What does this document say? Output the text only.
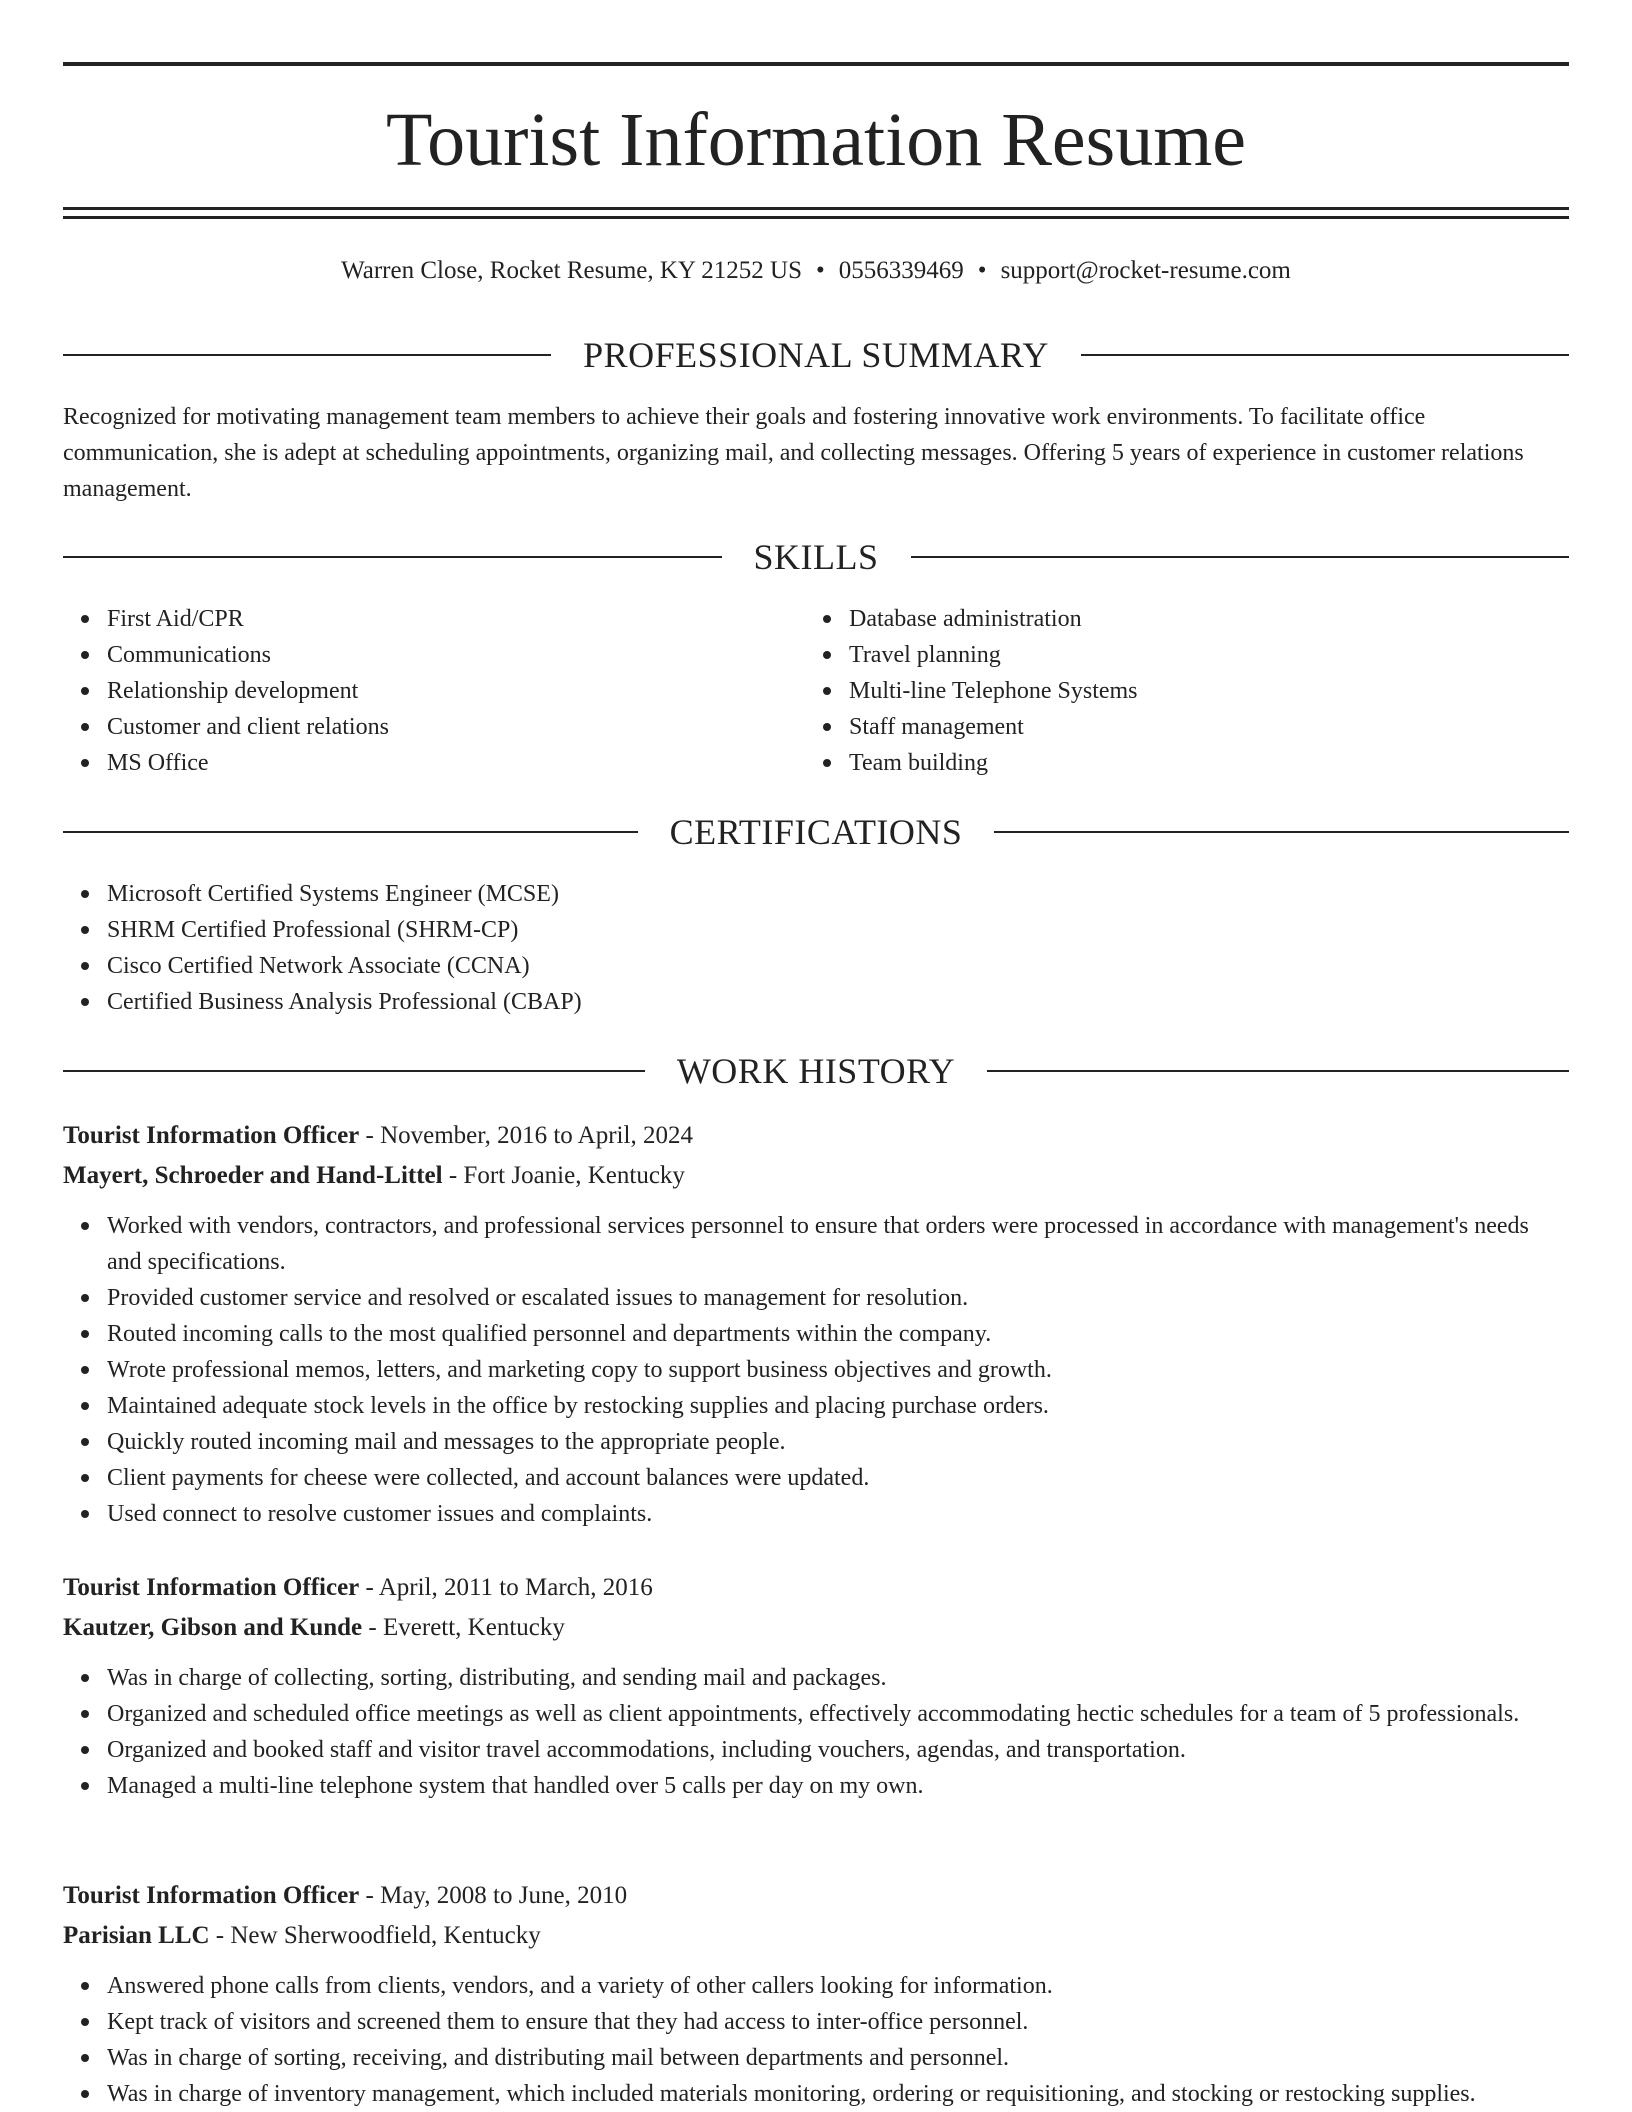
Tourist Information Resume
Warren Close, Rocket Resume, KY 21252 US • 0556339469 • support@rocket-resume.com
PROFESSIONAL SUMMARY

Recognized for motivating management team members to achieve their goals and fostering innovative work environments. To facilitate office communication, she is adept at scheduling appointments, organizing mail, and collecting messages. Offering 5 years of experience in customer relations management.

SKILLS
First Aid/CPR
Communications
Relationship development
Customer and client relations
MS Office
Database administration
Travel planning
Multi-line Telephone Systems
Staff management
Team building
CERTIFICATIONS
Microsoft Certified Systems Engineer (MCSE)
SHRM Certified Professional (SHRM-CP)
Cisco Certified Network Associate (CCNA)
Certified Business Analysis Professional (CBAP)
WORK HISTORY
Tourist Information Officer - November, 2016 to April, 2024
Mayert, Schroeder and Hand-Littel - Fort Joanie, Kentucky
Worked with vendors, contractors, and professional services personnel to ensure that orders were processed in accordance with management's needs and specifications.
Provided customer service and resolved or escalated issues to management for resolution.
Routed incoming calls to the most qualified personnel and departments within the company.
Wrote professional memos, letters, and marketing copy to support business objectives and growth.
Maintained adequate stock levels in the office by restocking supplies and placing purchase orders.
Quickly routed incoming mail and messages to the appropriate people.
Client payments for cheese were collected, and account balances were updated.
Used connect to resolve customer issues and complaints.
Tourist Information Officer - April, 2011 to March, 2016
Kautzer, Gibson and Kunde - Everett, Kentucky
Was in charge of collecting, sorting, distributing, and sending mail and packages.
Organized and scheduled office meetings as well as client appointments, effectively accommodating hectic schedules for a team of 5 professionals.
Organized and booked staff and visitor travel accommodations, including vouchers, agendas, and transportation.
Managed a multi-line telephone system that handled over 5 calls per day on my own.
Tourist Information Officer - May, 2008 to June, 2010
Parisian LLC - New Sherwoodfield, Kentucky
Answered phone calls from clients, vendors, and a variety of other callers looking for information.
Kept track of visitors and screened them to ensure that they had access to inter-office personnel.
Was in charge of sorting, receiving, and distributing mail between departments and personnel.
Was in charge of inventory management, which included materials monitoring, ordering or requisitioning, and stocking or restocking supplies.
